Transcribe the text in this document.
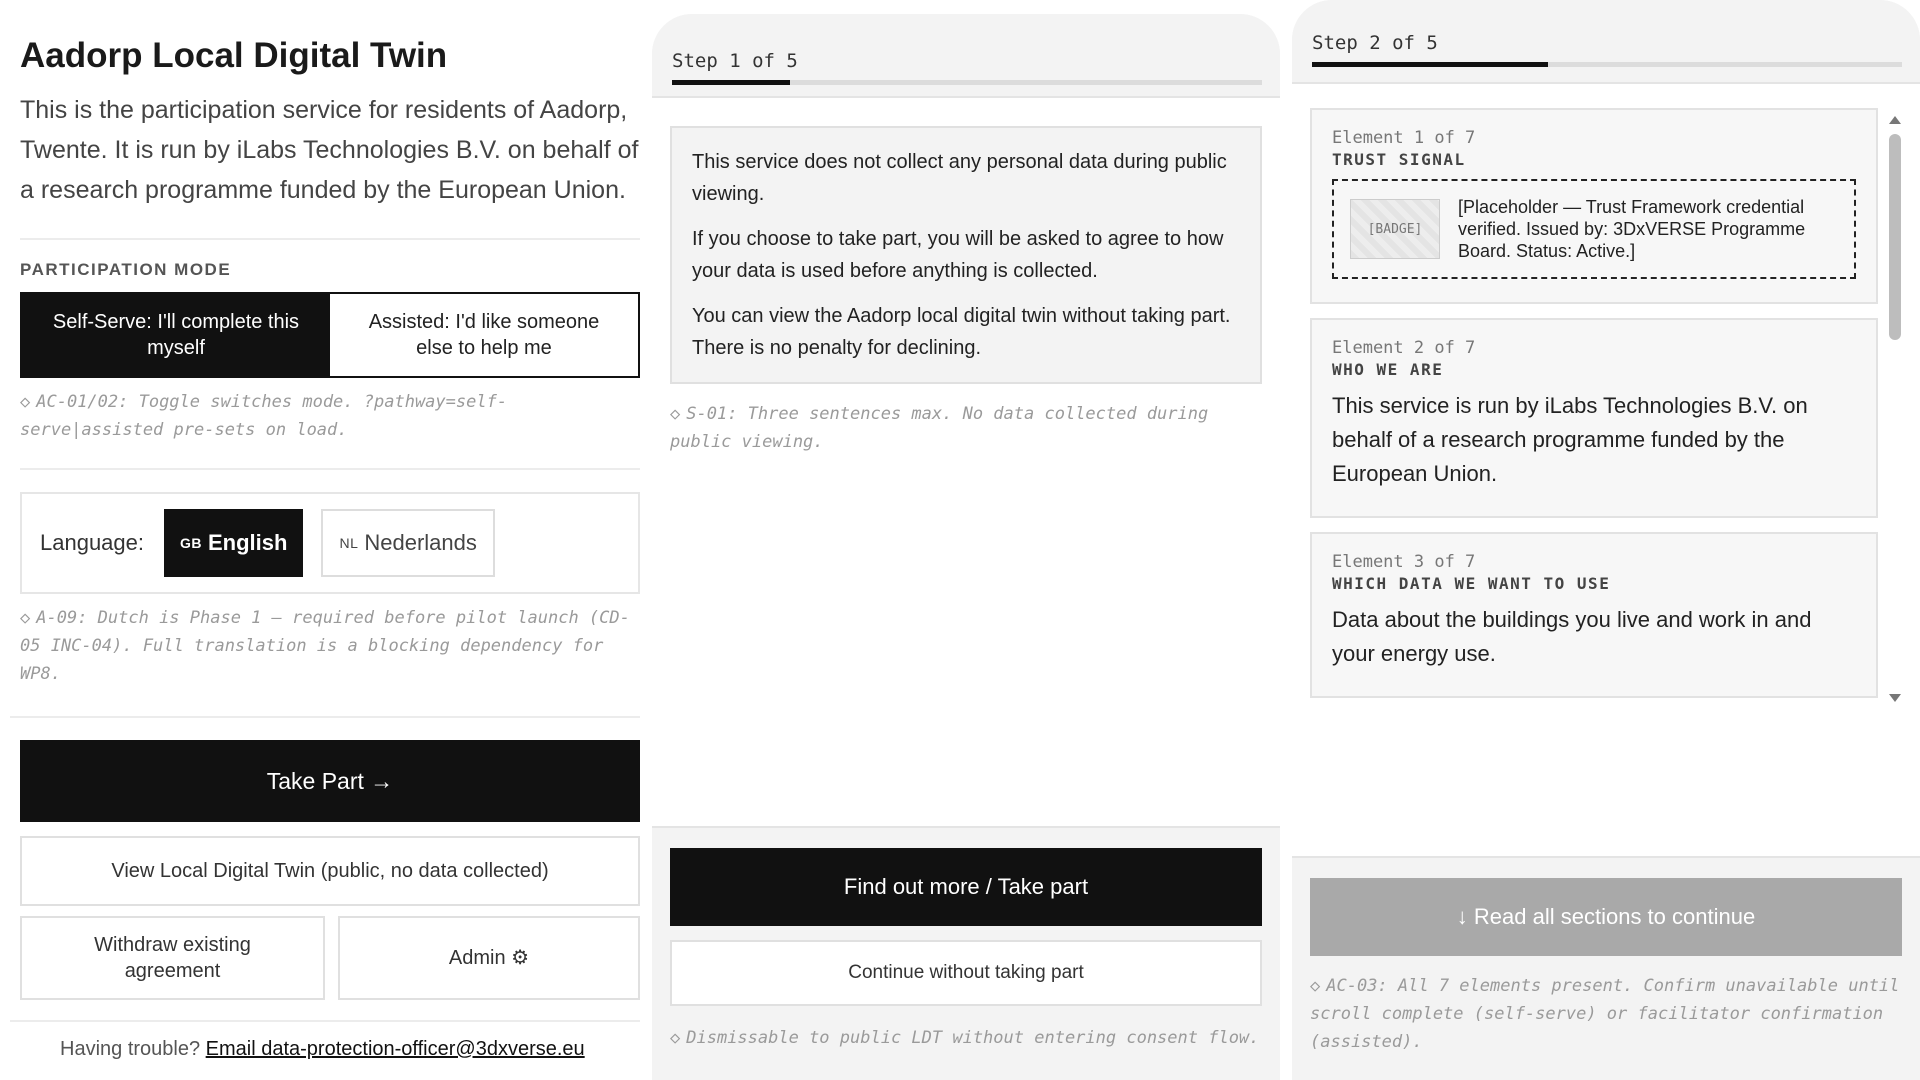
Aadorp Local Digital Twin
This is the participation service for residents of Aadorp, Twente. It is run by iLabs Technologies B.V. on behalf of a research programme funded by the European Union.
PARTICIPATION MODE
Self-Serve: I'll complete this myself
Assisted: I'd like someone else to help me
◇ AC-01/02: Toggle switches mode. ?pathway=self-serve|assisted pre-sets on load.
Language:	GB English	NL Nederlands
◇ A-09: Dutch is Phase 1 — required before pilot launch (CD-05 INC-04). Full translation is a blocking dependency for WP8.
Take Part →
View Local Digital Twin (public, no data collected)
Withdraw existing agreement
Admin ⚙
Having trouble? Email data-protection-officer@3dxverse.eu
Step 1 of 5

This service does not collect any personal data during public viewing.

If you choose to take part, you will be asked to agree to how your data is used before anything is collected.

You can view the Aadorp local digital twin without taking part. There is no penalty for declining.

◇ S-01: Three sentences max. No data collected during public viewing.
Find out more / Take part
Continue without taking part
◇ Dismissable to public LDT without entering consent flow.
Step 2 of 5
Element 1 of 7
TRUST SIGNAL
[BADGE]
[Placeholder — Trust Framework credential verified. Issued by: 3DxVERSE Programme Board. Status: Active.]
Element 2 of 7
WHO WE ARE
This service is run by iLabs Technologies B.V. on behalf of a research programme funded by the European Union.
Element 3 of 7
WHICH DATA WE WANT TO USE
Data about the buildings you live and work in and your energy use.
↓ Read all sections to continue
◇ AC-03: All 7 elements present. Confirm unavailable until scroll complete (self-serve) or facilitator confirmation (assisted).
